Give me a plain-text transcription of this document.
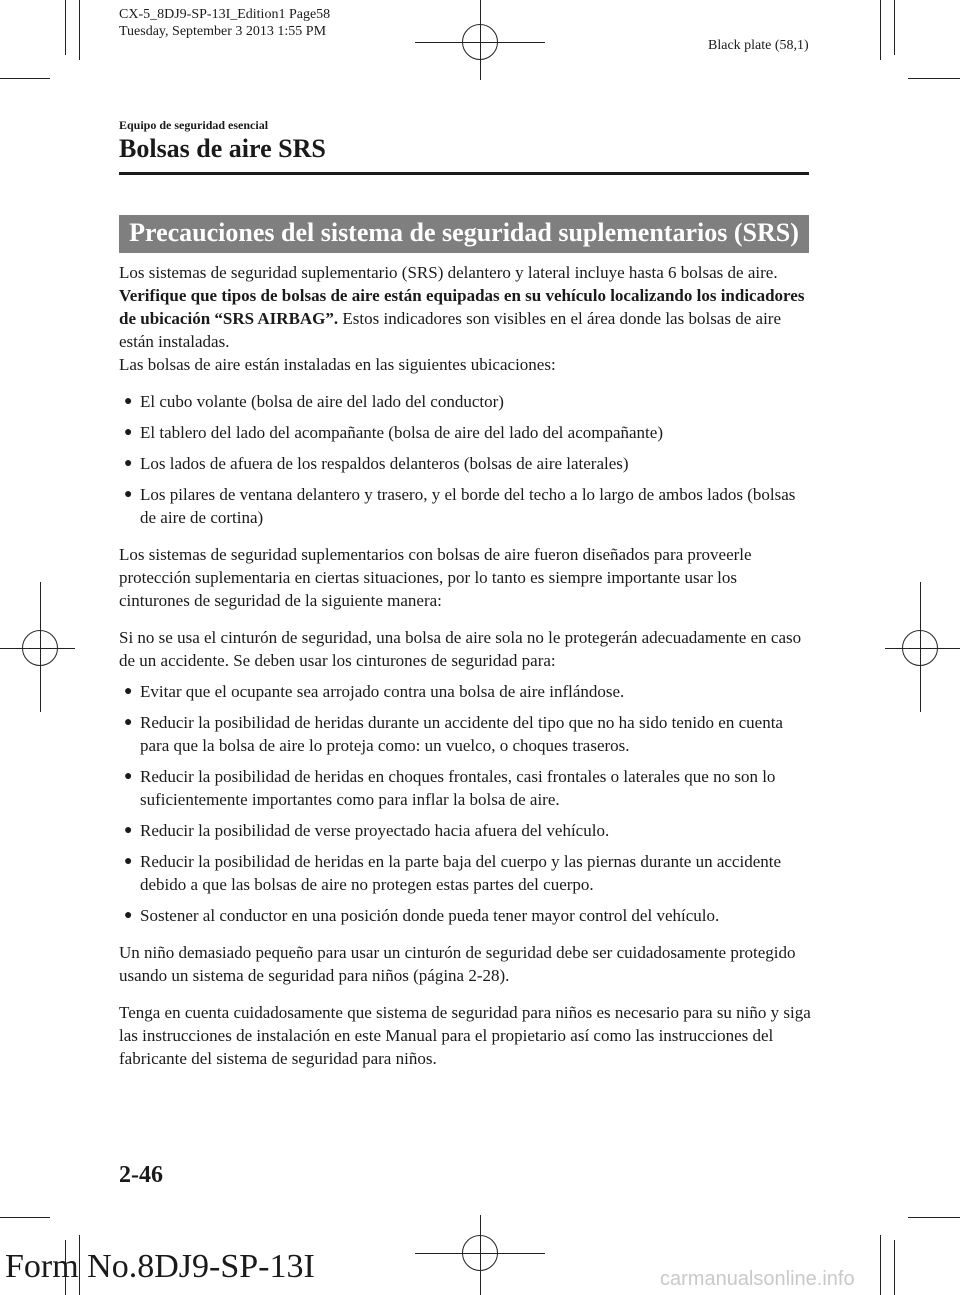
CX-5_8DJ9-SP-13I_Edition1 Page58
Tuesday, September 3 2013 1:55 PM
Black plate (58,1)
Equipo de seguridad esencial
Bolsas de aire SRS
Precauciones del sistema de seguridad suplementarios (SRS)

Los sistemas de seguridad suplementario (SRS) delantero y lateral incluye hasta 6 bolsas de aire. Verifique que tipos de bolsas de aire están equipadas en su vehículo localizando los indicadores de ubicación “SRS AIRBAG”. Estos indicadores son visibles en el área donde las bolsas de aire están instaladas.

Las bolsas de aire están instaladas en las siguientes ubicaciones:

● El cubo volante (bolsa de aire del lado del conductor)
● El tablero del lado del acompañante (bolsa de aire del lado del acompañante)
● Los lados de afuera de los respaldos delanteros (bolsas de aire laterales)
● Los pilares de ventana delantero y trasero, y el borde del techo a lo largo de ambos lados (bolsas de aire de cortina)

Los sistemas de seguridad suplementarios con bolsas de aire fueron diseñados para proveerle protección suplementaria en ciertas situaciones, por lo tanto es siempre importante usar los cinturones de seguridad de la siguiente manera:

Si no se usa el cinturón de seguridad, una bolsa de aire sola no le protegerán adecuadamente en caso de un accidente. Se deben usar los cinturones de seguridad para:

● Evitar que el ocupante sea arrojado contra una bolsa de aire inflándose.
● Reducir la posibilidad de heridas durante un accidente del tipo que no ha sido tenido en cuenta para que la bolsa de aire lo proteja como: un vuelco, o choques traseros.
● Reducir la posibilidad de heridas en choques frontales, casi frontales o laterales que no son lo suficientemente importantes como para inflar la bolsa de aire.
● Reducir la posibilidad de verse proyectado hacia afuera del vehículo.
● Reducir la posibilidad de heridas en la parte baja del cuerpo y las piernas durante un accidente debido a que las bolsas de aire no protegen estas partes del cuerpo.
● Sostener al conductor en una posición donde pueda tener mayor control del vehículo.

Un niño demasiado pequeño para usar un cinturón de seguridad debe ser cuidadosamente protegido usando un sistema de seguridad para niños (página 2-28).

Tenga en cuenta cuidadosamente que sistema de seguridad para niños es necesario para su niño y siga las instrucciones de instalación en este Manual para el propietario así como las instrucciones del fabricante del sistema de seguridad para niños.

2-46
Form No.8DJ9-SP-13I	carmanualsonline.info
